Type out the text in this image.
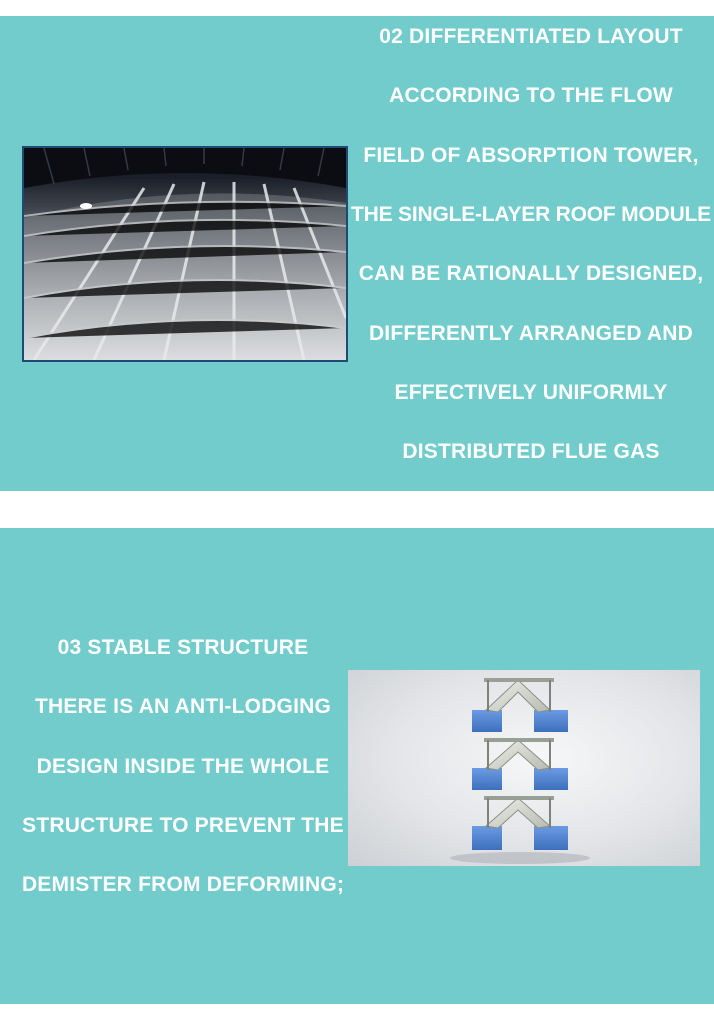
02 DIFFERENTIATED LAYOUT
ACCORDING TO THE FLOW
FIELD OF ABSORPTION TOWER,
THE SINGLE-LAYER ROOF MODULE
CAN BE RATIONALLY DESIGNED,
DIFFERENTLY ARRANGED AND
EFFECTIVELY UNIFORMLY
DISTRIBUTED FLUE GAS
03 STABLE STRUCTURE
THERE IS AN ANTI-LODGING
DESIGN INSIDE THE WHOLE
STRUCTURE TO PREVENT THE
DEMISTER FROM DEFORMING;
